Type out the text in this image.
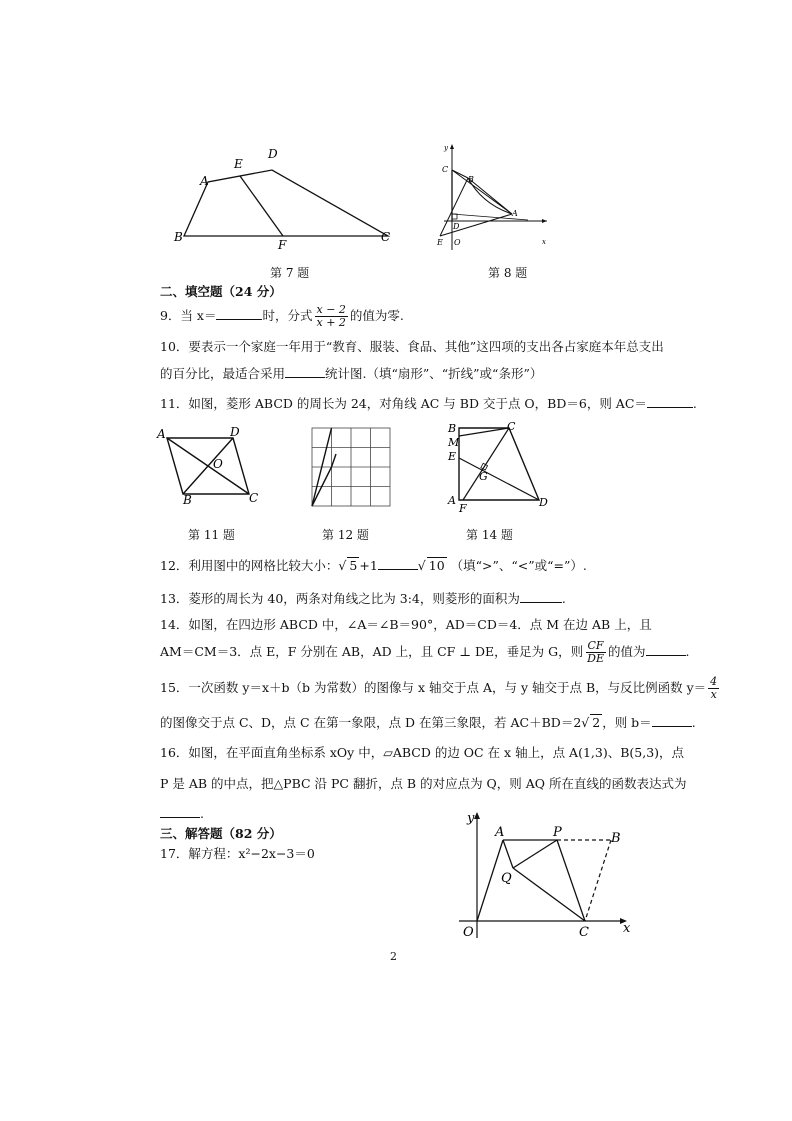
A
E
D
B
F
C
第 7 题
y
C
B
A
D
E O	x
第 8 题
二、填空题（24 分）
9．当 x＝	时，分式 $\frac{x - 2}{x + 2}$ 的值为零.
10．要表示一个家庭一年用于“教育、服装、食品、其他”这四项的支出各占家庭本年总支出
的百分比，最适合采用	统计图.（填“扇形”、“折线”或“条形”）
11．如图，菱形 ABCD 的周长为 24，对角线 AC 与 BD 交于点 O，BD＝6，则 AC＝	.
A	D
O
B	C
第 11 题	第 12 题
B
M
E
C
G
A
F	D
第 14 题
12．利用图中的网格比较大小：√ 5 +1	√ 10 （填“>”、“<”或“=”）.
13．菱形的周长为 40，两条对角线之比为 3:4，则菱形的面积为	.
14．如图，在四边形 ABCD 中，∠A＝∠B＝90°，AD＝CD＝4．点 M 在边 AB 上，且
AM＝CM＝3．点 E，F 分别在 AB，AD 上，且 CF ⊥ DE，垂足为 G，则 $\frac{CF}{DE}$ 的值为	.
15．一次函数 y＝x＋b（b 为常数）的图像与 x 轴交于点 A，与 y 轴交于点 B，与反比例函数 $y= \frac{4}{x}$
的图像交于点 C、D，点 C 在第一象限，点 D 在第三象限，若 AC＋BD＝2√ 2 ，则 b＝	.
16．如图，在平面直角坐标系 xOy 中，▱ABCD 的边 OC 在 x 轴上，点 A(1,3)、B(5,3)，点
P 是 AB 的中点，把△PBC 沿 PC 翻折，点 B 的对应点为 Q，则 AQ 所在直线的函数表达式为
.
三、解答题（82 分）
17．解方程：x²−2x−3＝0
y
A	P	B
Q
O	C	x
2
